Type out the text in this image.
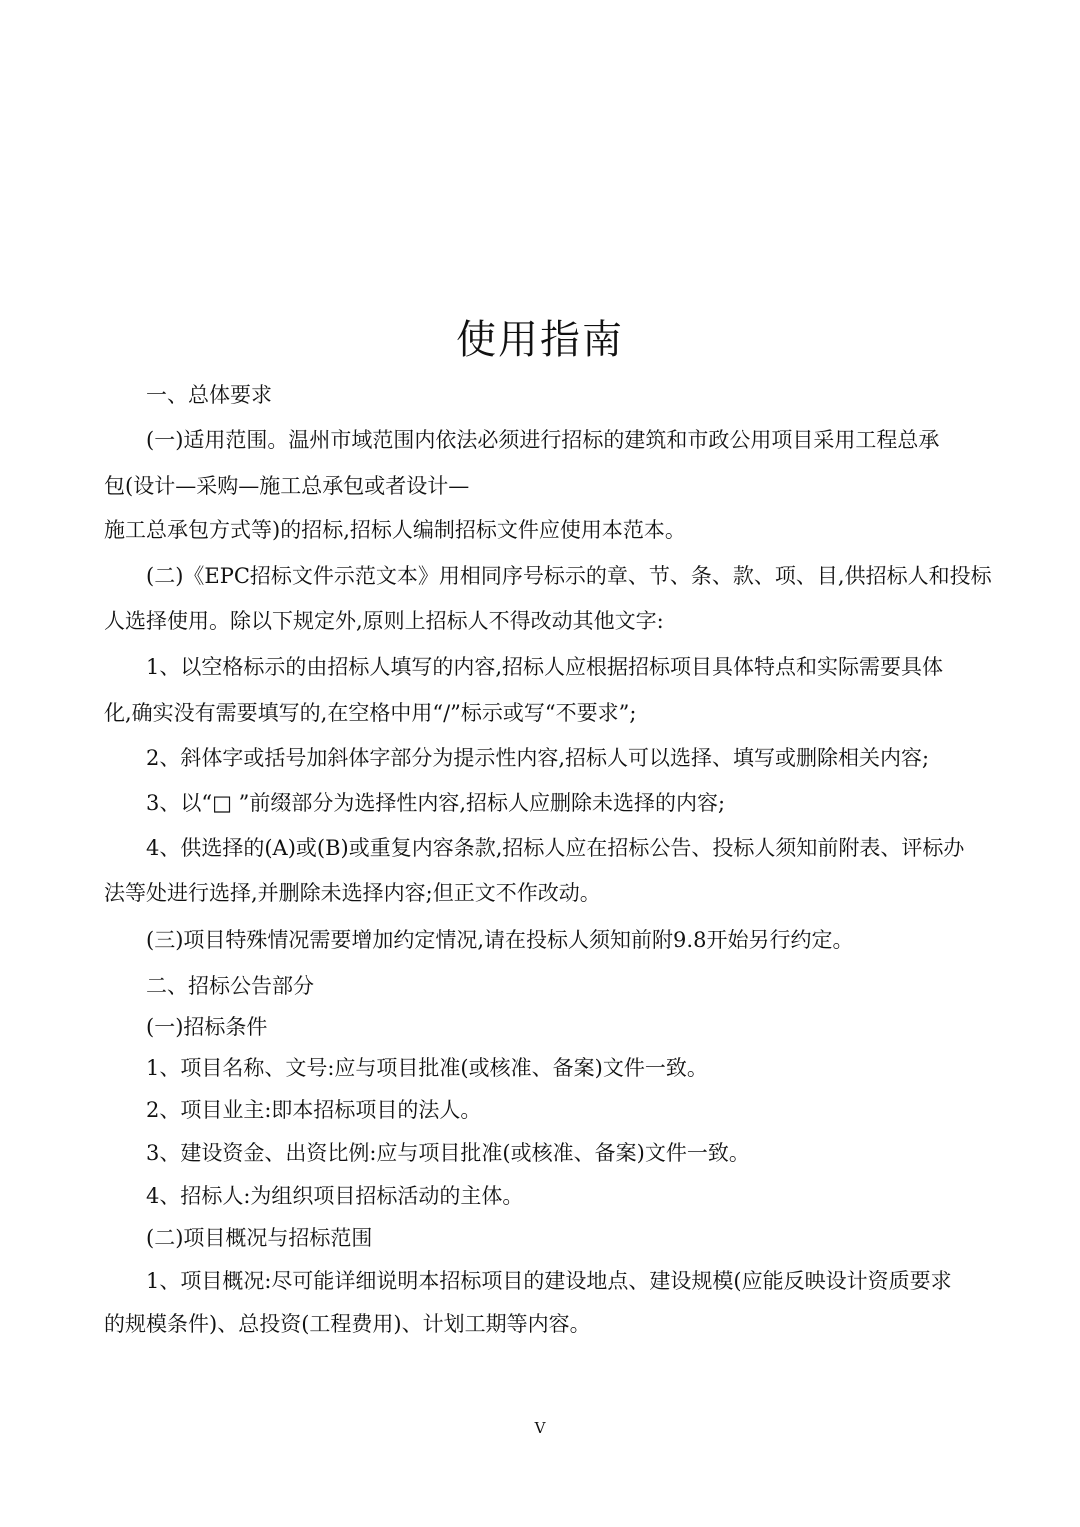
使用指南
一、总体要求
(一)适用范围。温州市域范围内依法必须进行招标的建筑和市政公用项目采用工程总承
包(设计—采购—施工总承包或者设计—
施工总承包方式等)的招标,招标人编制招标文件应使用本范本。
(二)《EPC招标文件示范文本》用相同序号标示的章、节、条、款、项、目,供招标人和投标
人选择使用。除以下规定外,原则上招标人不得改动其他文字:
1、以空格标示的由招标人填写的内容,招标人应根据招标项目具体特点和实际需要具体
化,确实没有需要填写的,在空格中用“/”标示或写“不要求”;
2、斜体字或括号加斜体字部分为提示性内容,招标人可以选择、填写或删除相关内容;
3、以“□ ”前缀部分为选择性内容,招标人应删除未选择的内容;
4、供选择的(A)或(B)或重复内容条款,招标人应在招标公告、投标人须知前附表、评标办
法等处进行选择,并删除未选择内容;但正文不作改动。
(三)项目特殊情况需要增加约定情况,请在投标人须知前附9.8开始另行约定。
二、招标公告部分
(一)招标条件
1、项目名称、文号:应与项目批准(或核准、备案)文件一致。
2、项目业主:即本招标项目的法人。
3、建设资金、出资比例:应与项目批准(或核准、备案)文件一致。
4、招标人:为组织项目招标活动的主体。
(二)项目概况与招标范围
1、项目概况:尽可能详细说明本招标项目的建设地点、建设规模(应能反映设计资质要求
的规模条件)、总投资(工程费用)、计划工期等内容。
V
